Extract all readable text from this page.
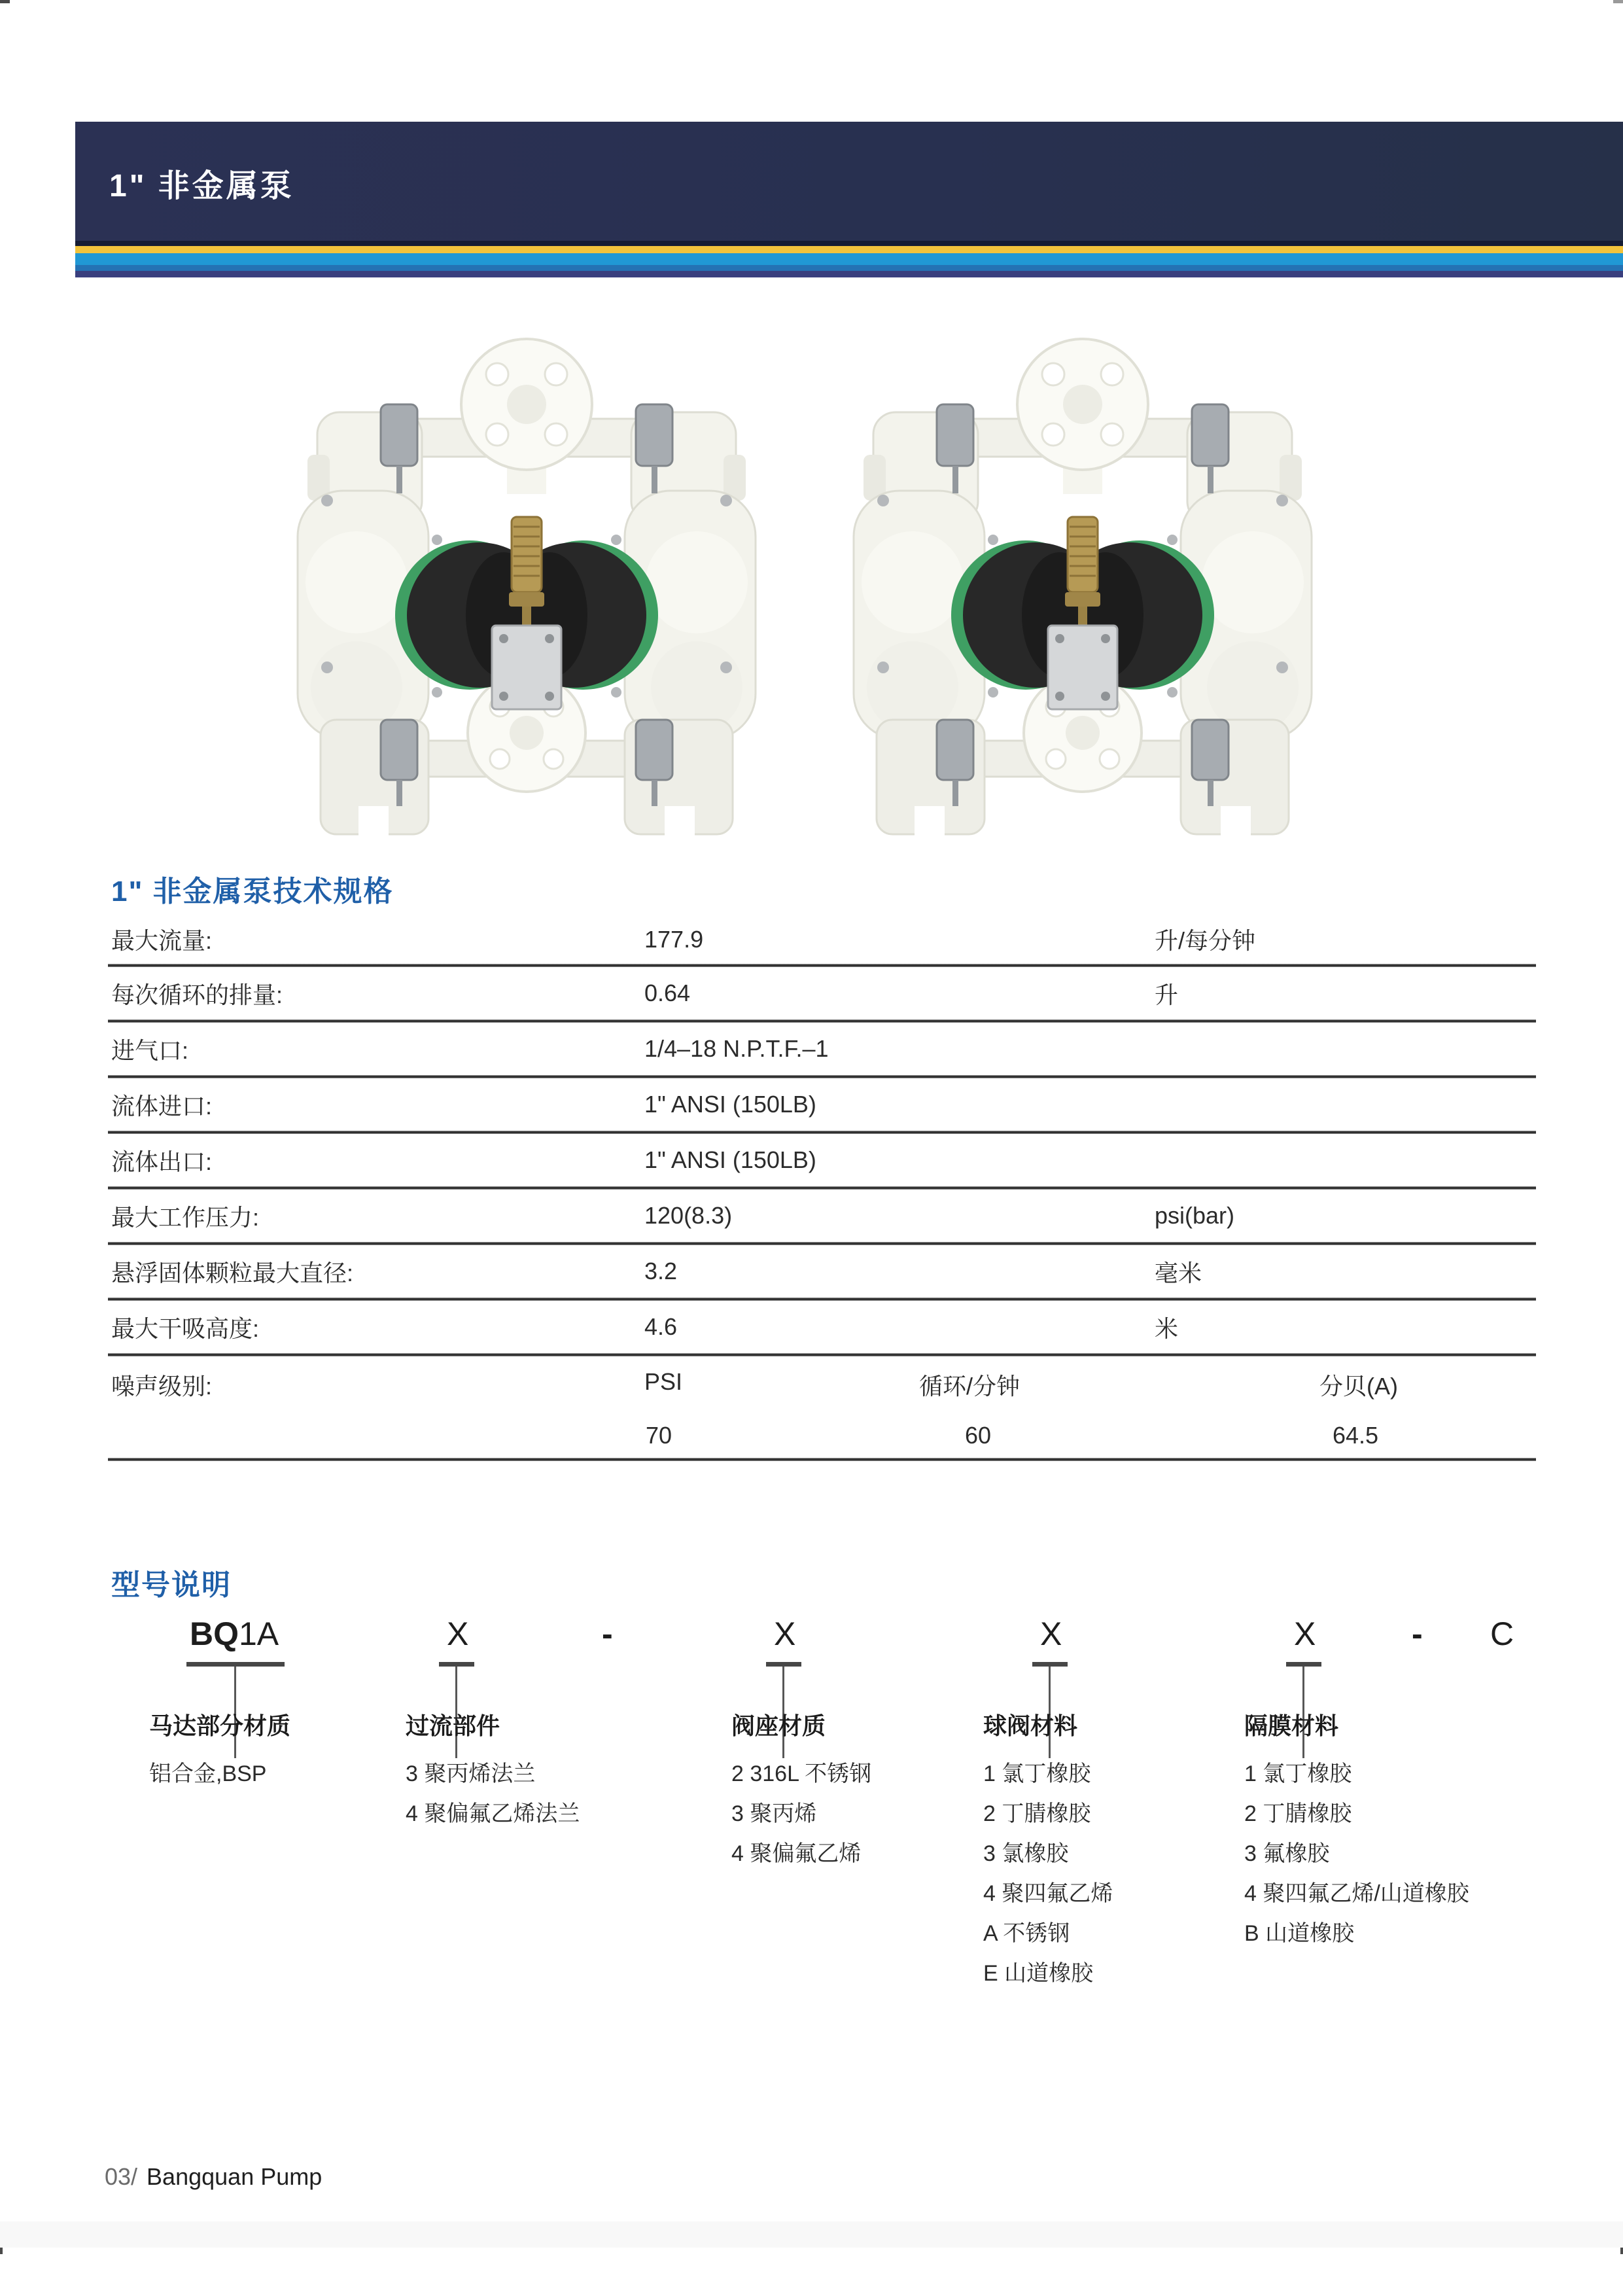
1" 非金属泵
1" 非金属泵技术规格
最大流量:	177.9	升/每分钟
每次循环的排量:	0.64	升
进气口:	1/4–18 N.P.T.F.–1
流体进口:	1" ANSI (150LB)
流体出口:	1" ANSI (150LB)
最大工作压力:	120(8.3)	psi(bar)
悬浮固体颗粒最大直径:	3.2	毫米
最大干吸高度:	4.6	米
噪声级别:	PSI	循环/分钟	分贝(A)
70	60	64.5
型号说明
BQ1A	X	-	X	X	X	- C
马达部分材质
铝合金,BSP
过流部件
3 聚丙烯法兰
4 聚偏氟乙烯法兰
阀座材质
2 316L 不锈钢
3 聚丙烯
4 聚偏氟乙烯
球阀材料
1 氯丁橡胶
2 丁腈橡胶
3 氯橡胶
4 聚四氟乙烯
A 不锈钢
E 山道橡胶
隔膜材料
1 氯丁橡胶
2 丁腈橡胶
3 氟橡胶
4 聚四氟乙烯/山道橡胶
B 山道橡胶
03/ Bangquan Pump
